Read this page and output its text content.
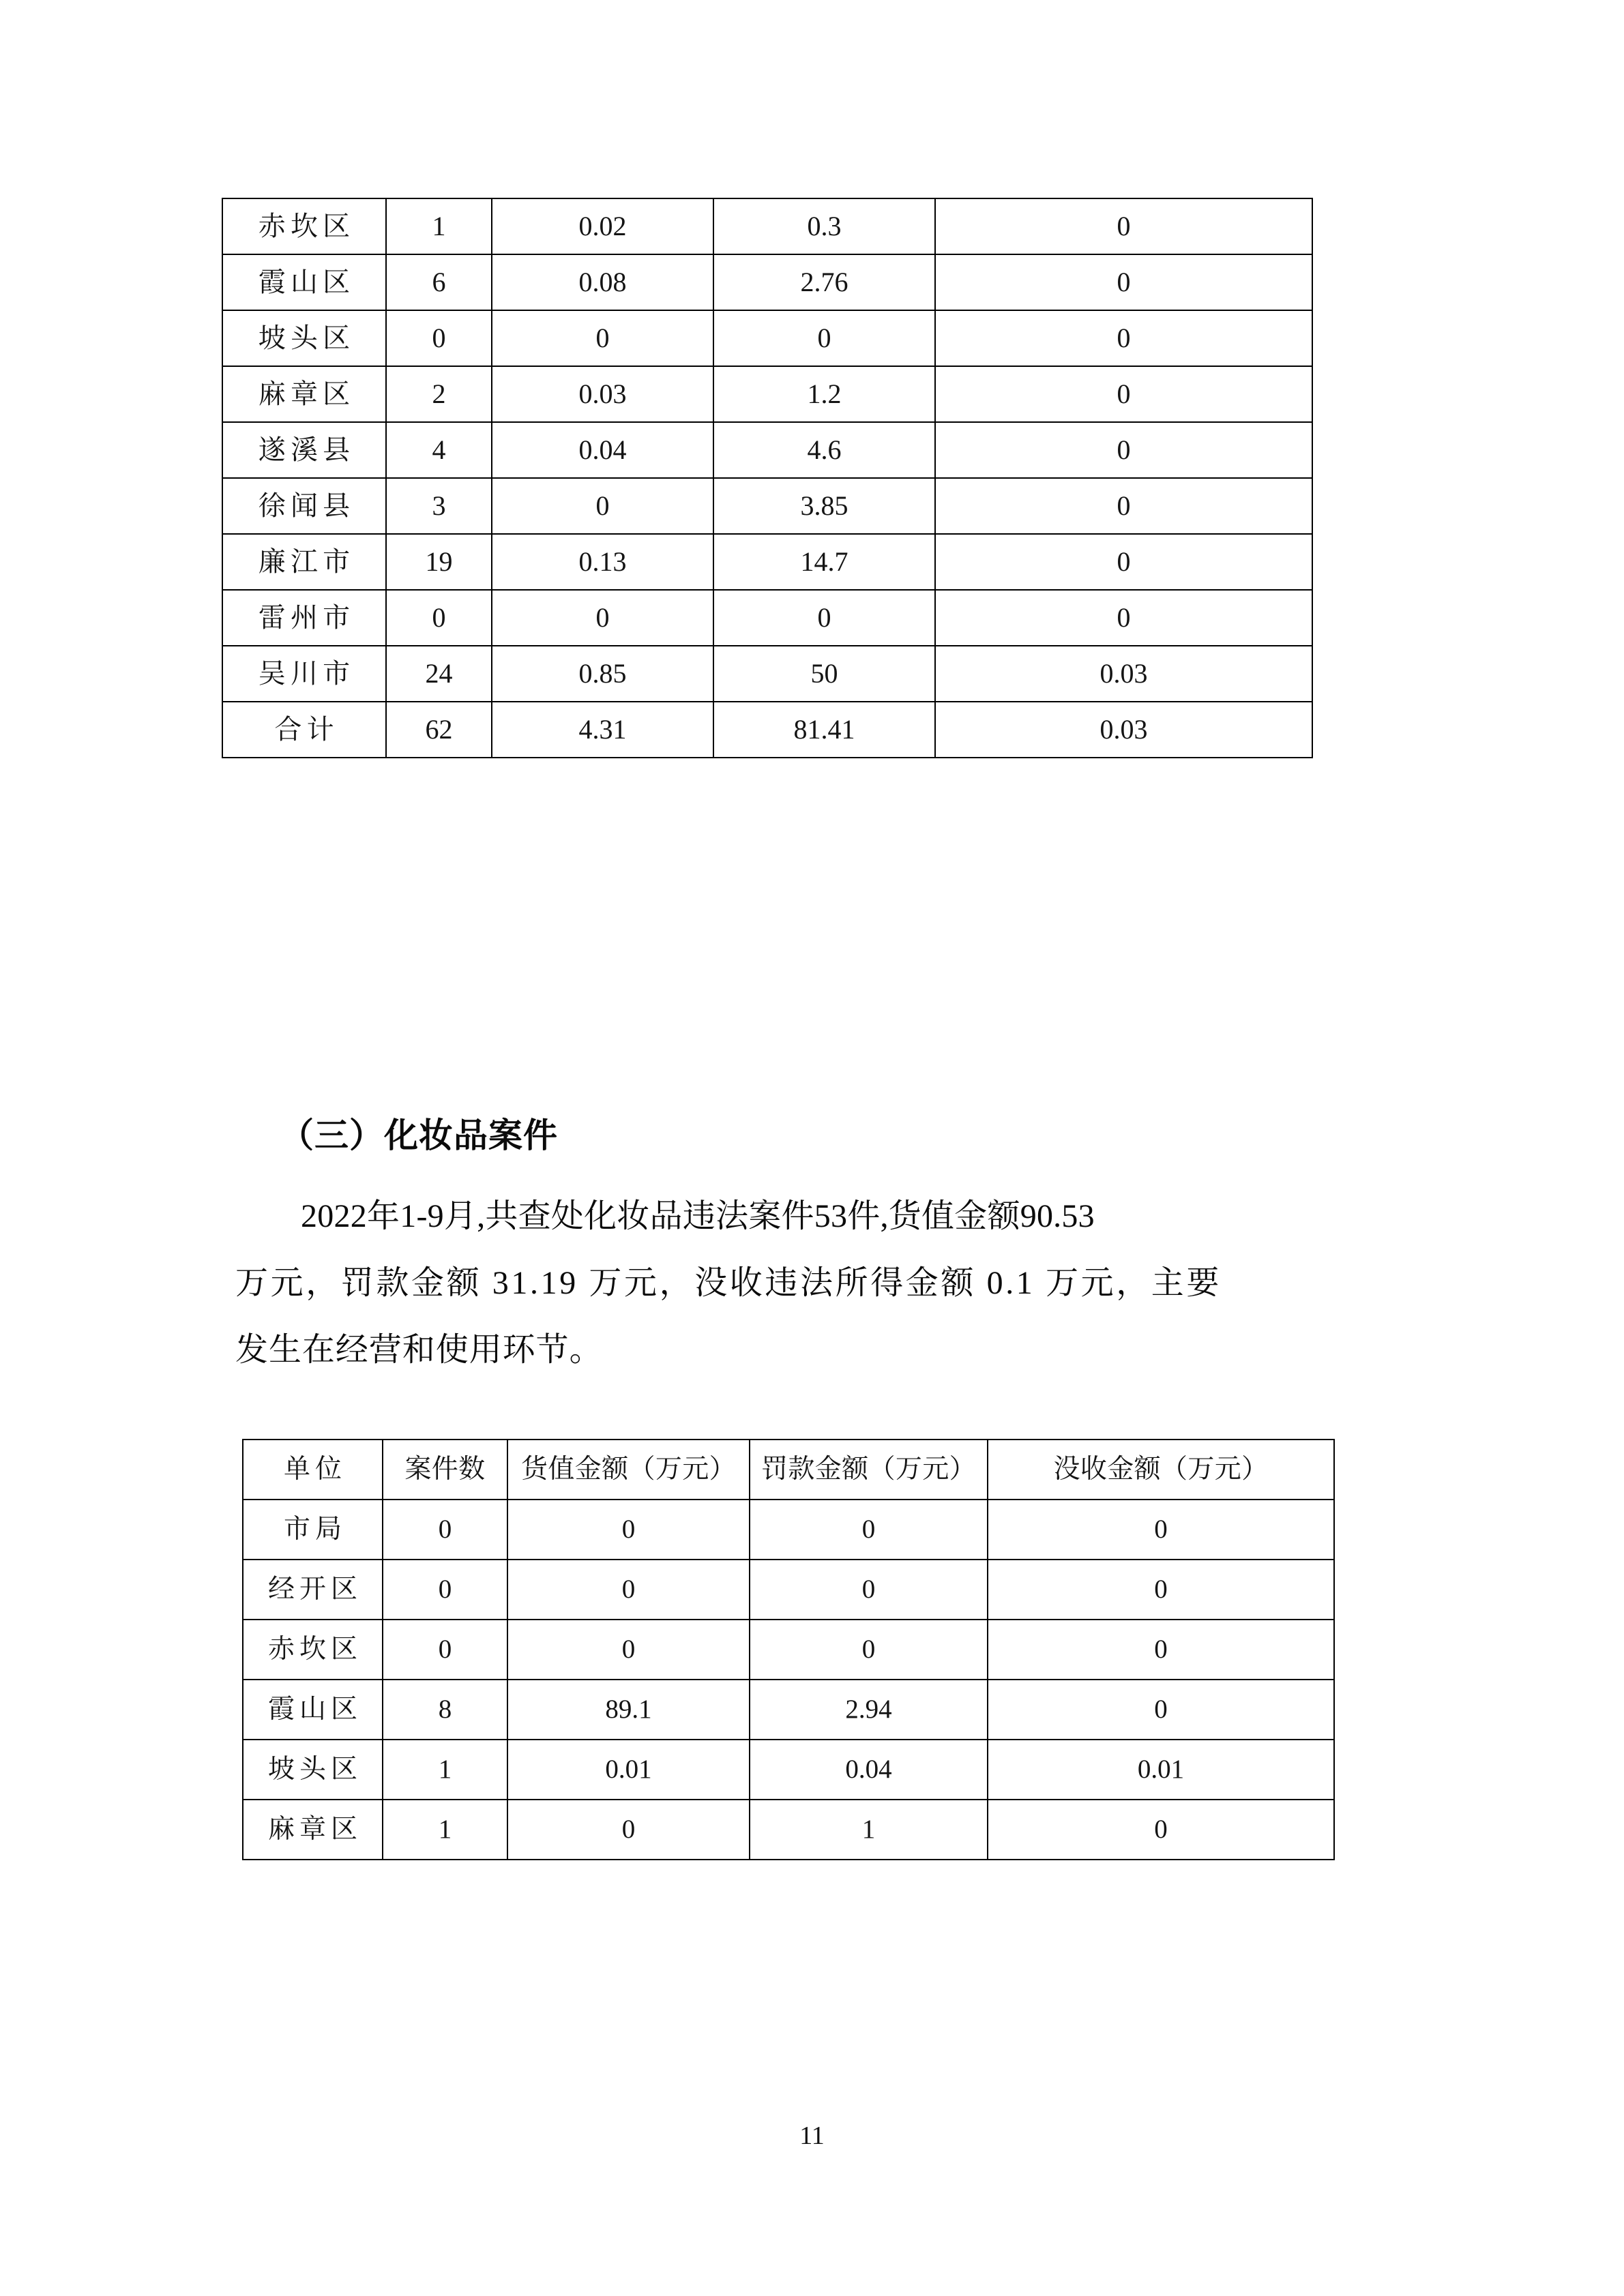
赤坎区	1	0.02	0.3	0
霞山区	6	0.08	2.76	0
坡头区	0	0	0	0
麻章区	2	0.03	1.2	0
遂溪县	4	0.04	4.6	0
徐闻县	3	0	3.85	0
廉江市	19	0.13	14.7	0
雷州市	0	0	0	0
吴川市	24	0.85	50	0.03
合计	62	4.31	81.41	0.03
（三）化妆品案件
2022年1-9月,共查处化妆品违法案件53件,货值金额90.53
万元，罚款金额 31.19 万元，没收违法所得金额 0.1 万元，主要
发生在经营和使用环节。
单位	案件数	货值金额（万元）	罚款金额（万元）	没收金额（万元）
市局	0	0	0	0
经开区	0	0	0	0
赤坎区	0	0	0	0
霞山区	8	89.1	2.94	0
坡头区	1	0.01	0.04	0.01
麻章区	1	0	1	0
11
